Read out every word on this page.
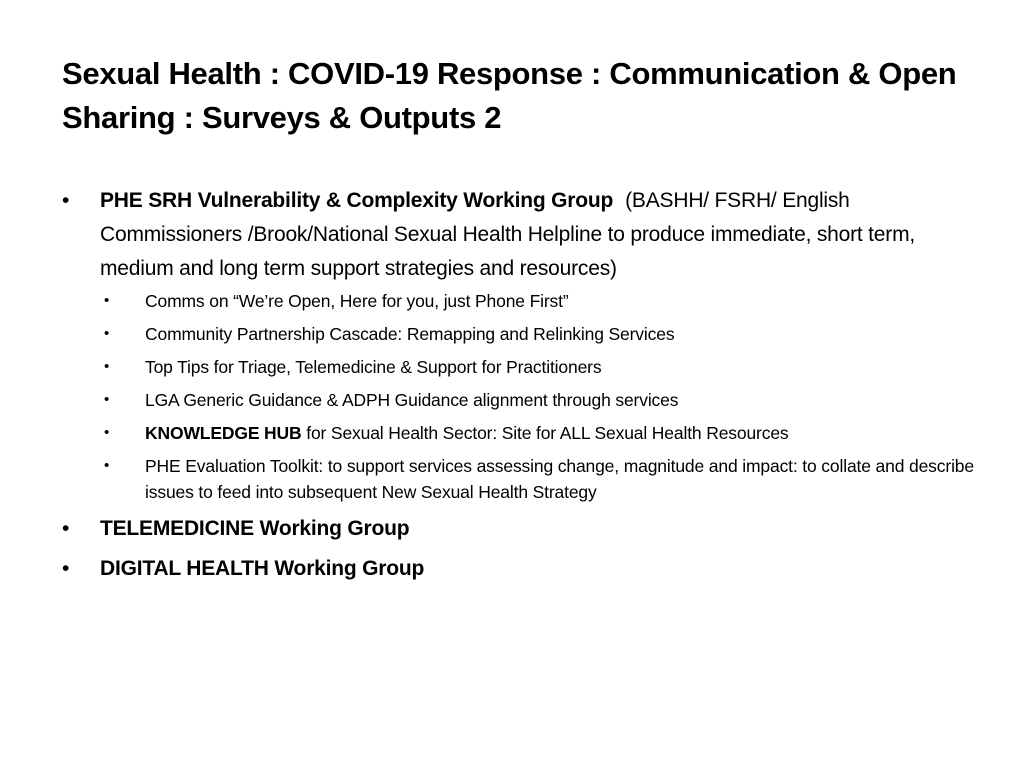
Sexual Health : COVID-19 Response : Communication & Open Sharing : Surveys & Outputs 2
•	PHE SRH Vulnerability & Complexity Working Group (BASHH/ FSRH/ English Commissioners /Brook/National Sexual Health Helpline to produce immediate, short term, medium and long term support strategies and resources)
• Comms on “We’re Open, Here for you, just Phone First”
• Community Partnership Cascade: Remapping and Relinking Services
• Top Tips for Triage, Telemedicine & Support for Practitioners
• LGA Generic Guidance & ADPH Guidance alignment through services
• KNOWLEDGE HUB for Sexual Health Sector: Site for ALL Sexual Health Resources
• PHE Evaluation Toolkit: to support services assessing change, magnitude and impact: to collate and describe issues to feed into subsequent New Sexual Health Strategy
•	TELEMEDICINE Working Group
•	DIGITAL HEALTH Working Group
